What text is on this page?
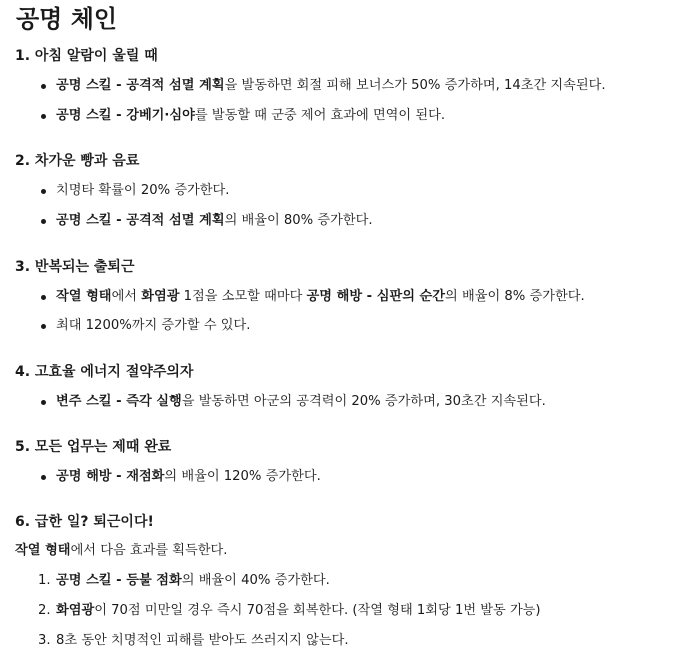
공명 체인
1. 아침 알람이 울릴 때
공명 스킬 - 공격적 섬멸 계획을 발동하면 회절 피해 보너스가 50% 증가하며, 14초간 지속된다.
공명 스킬 - 강베기·심야를 발동할 때 군중 제어 효과에 면역이 된다.
2. 차가운 빵과 음료
치명타 확률이 20% 증가한다.
공명 스킬 - 공격적 섬멸 계획의 배율이 80% 증가한다.
3. 반복되는 출퇴근
작열 형태에서 화염광 1점을 소모할 때마다 공명 해방 - 심판의 순간의 배율이 8% 증가한다.
최대 1200%까지 증가할 수 있다.
4. 고효율 에너지 절약주의자
변주 스킬 - 즉각 실행을 발동하면 아군의 공격력이 20% 증가하며, 30초간 지속된다.
5. 모든 업무는 제때 완료
공명 해방 - 재점화의 배율이 120% 증가한다.
6. 급한 일? 퇴근이다!
작열 형태에서 다음 효과를 획득한다.
1. 공명 스킬 - 등불 점화의 배율이 40% 증가한다.
2. 화염광이 70점 미만일 경우 즉시 70점을 회복한다. (작열 형태 1회당 1번 발동 가능)
3. 8초 동안 치명적인 피해를 받아도 쓰러지지 않는다.
